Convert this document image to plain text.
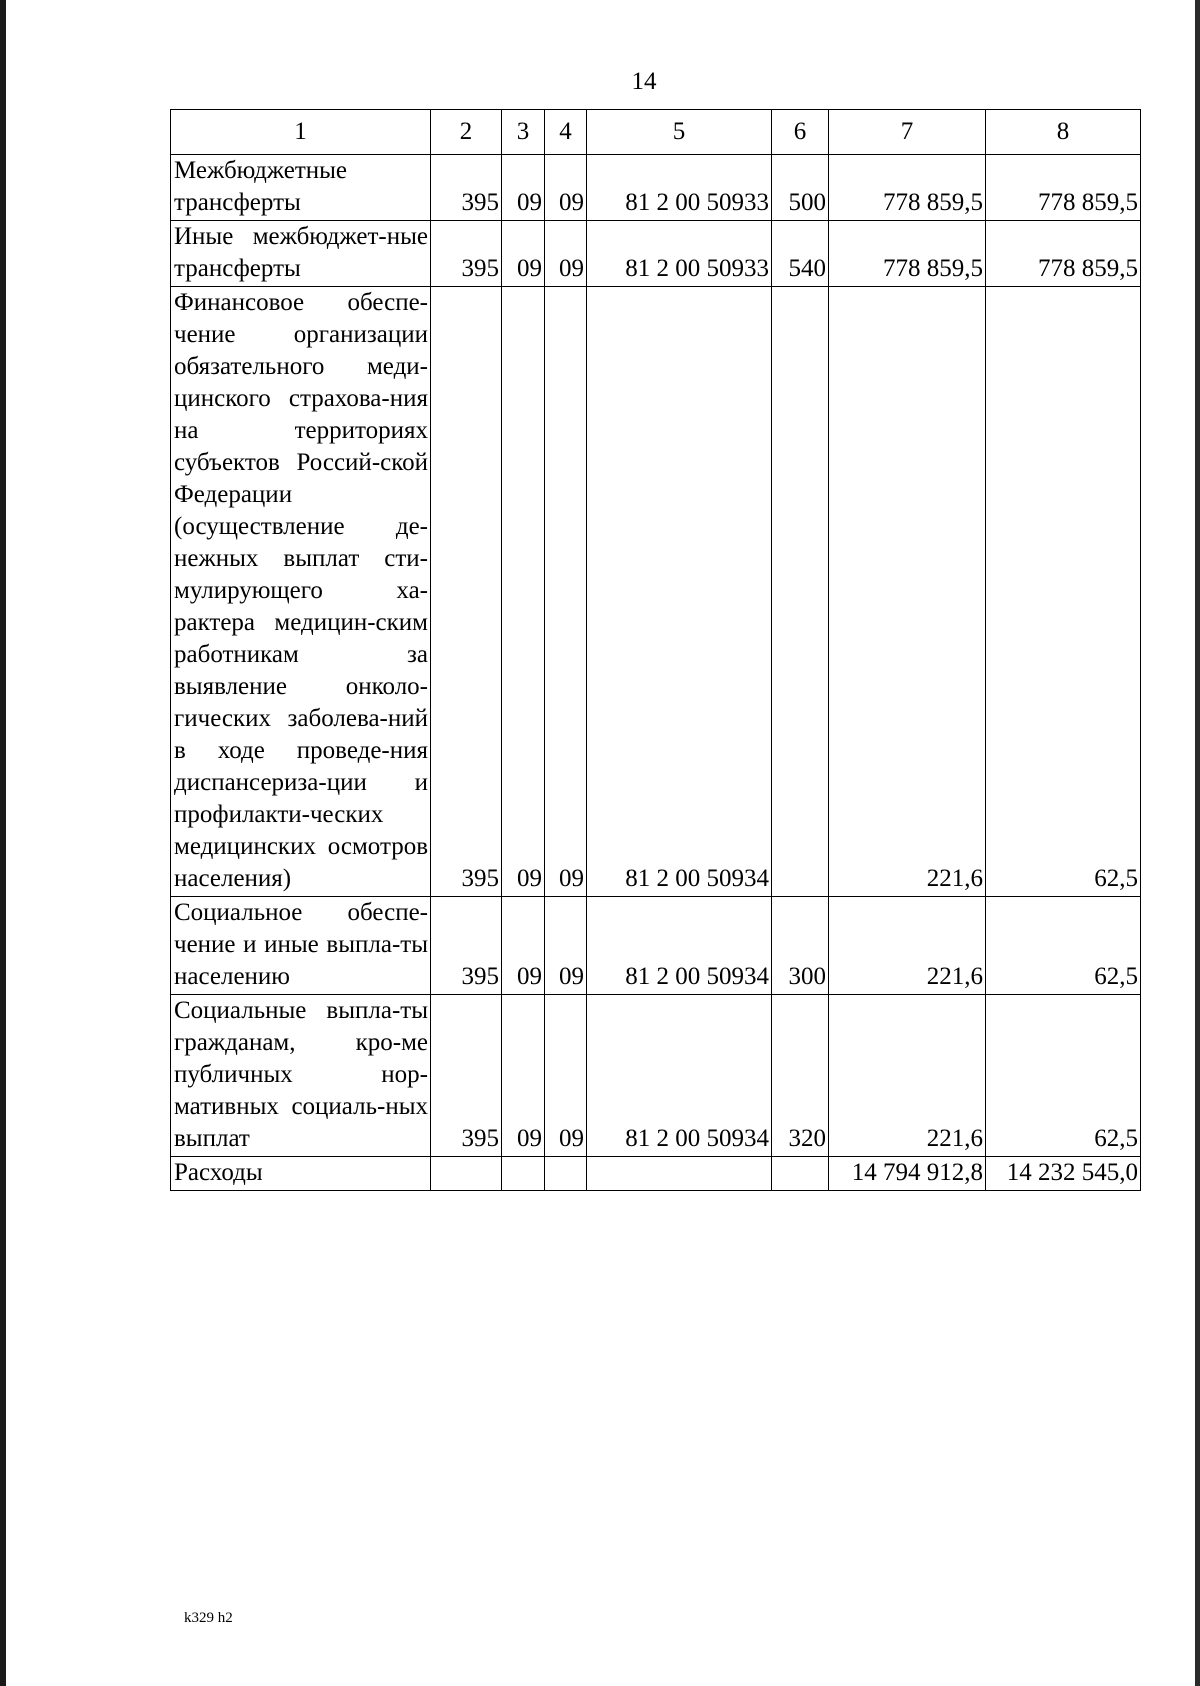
14
1	2	3	4	5	6	7	8
Межбюджетные трансферты	395	09	09	81 2 00 50933	500	778 859,5	778 859,5
Иные межбюджет-ные трансферты	395	09	09	81 2 00 50933	540	778 859,5	778 859,5
Финансовое обеспе-чение организации обязательного меди-цинского страхова-ния на территориях субъектов Россий-ской Федерации (осуществление де-нежных выплат сти-мулирующего ха-рактера медицин-ским работникам за выявление онколо-гических заболева-ний в ходе проведе-ния диспансериза-ции и профилакти-ческих медицинских осмотров населения)	395	09	09	81 2 00 50934		221,6	62,5
Социальное обеспе-чение и иные выпла-ты населению	395	09	09	81 2 00 50934	300	221,6	62,5
Социальные выпла-ты гражданам, кро-ме публичных нор-мативных социаль-ных выплат	395	09	09	81 2 00 50934	320	221,6	62,5
Расходы						14 794 912,8	14 232 545,0
k329 h2
